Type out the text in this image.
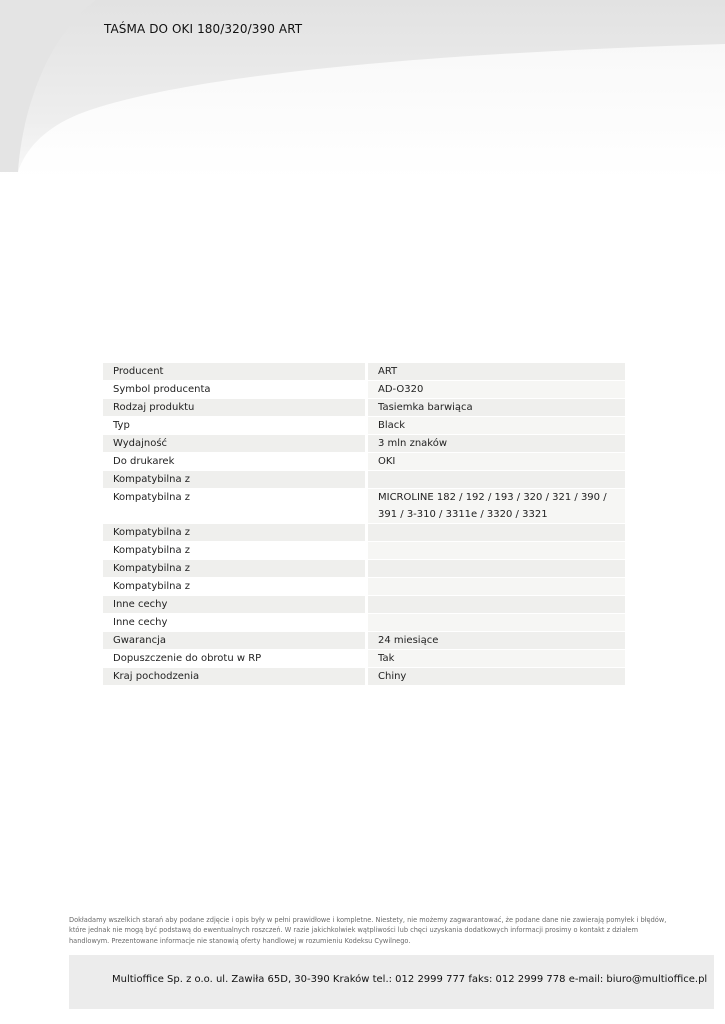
TAŚMA DO OKI 180/320/390 ART
Producent	ART
Symbol producenta	AD-O320
Rodzaj produktu	Tasiemka barwiąca
Typ	Black
Wydajność	3 mln znaków
Do drukarek	OKI
Kompatybilna z	
Kompatybilna z	MICROLINE 182 / 192 / 193 / 320 / 321 / 390 / 391 / 3-310 / 3311e / 3320 / 3321
Kompatybilna z	
Kompatybilna z	
Kompatybilna z	
Kompatybilna z	
Inne cechy	
Inne cechy	
Gwarancja	24 miesiące
Dopuszczenie do obrotu w RP	Tak
Kraj pochodzenia	Chiny
Dokładamy wszelkich starań aby podane zdjęcie i opis były w pełni prawidłowe i kompletne. Niestety, nie możemy zagwarantować, że podane dane nie zawierają pomyłek i błędów, które jednak nie mogą być podstawą do ewentualnych roszczeń. W razie jakichkolwiek wątpliwości lub chęci uzyskania dodatkowych informacji prosimy o kontakt z działem handlowym. Prezentowane informacje nie stanowią oferty handlowej w rozumieniu Kodeksu Cywilnego.
Multioffice Sp. z o.o. ul. Zawiła 65D, 30-390 Kraków tel.: 012 2999 777 faks: 012 2999 778 e-mail: biuro@multioffice.pl
